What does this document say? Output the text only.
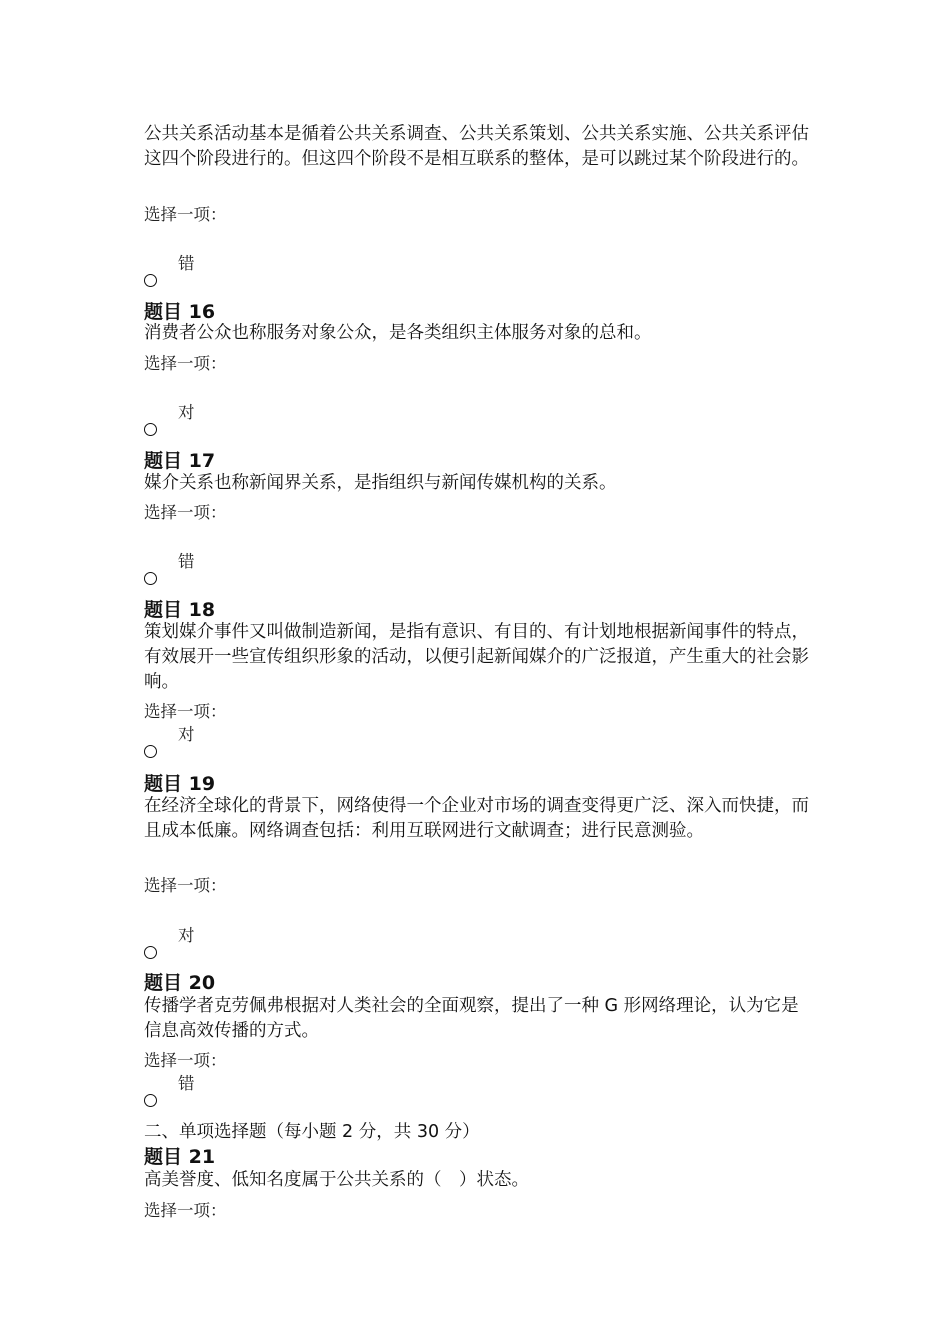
公共关系活动基本是循着公共关系调查、公共关系策划、公共关系实施、公共关系评估这四个阶段进行的。但这四个阶段不是相互联系的整体，是可以跳过某个阶段进行的。
选择一项：
错
题目 16
消费者公众也称服务对象公众，是各类组织主体服务对象的总和。
选择一项：
对
题目 17
媒介关系也称新闻界关系，是指组织与新闻传媒机构的关系。
选择一项：
错
题目 18
策划媒介事件又叫做制造新闻，是指有意识、有目的、有计划地根据新闻事件的特点，有效展开一些宣传组织形象的活动，以便引起新闻媒介的广泛报道，产生重大的社会影响。
选择一项：
对
题目 19
在经济全球化的背景下，网络使得一个企业对市场的调查变得更广泛、深入而快捷，而且成本低廉。网络调查包括：利用互联网进行文献调查；进行民意测验。
选择一项：
对
题目 20
传播学者克劳佩弗根据对人类社会的全面观察，提出了一种 G 形网络理论，认为它是信息高效传播的方式。
选择一项：
错
二、单项选择题（每小题 2 分，共 30 分）
题目 21
高美誉度、低知名度属于公共关系的（　）状态。
选择一项：
